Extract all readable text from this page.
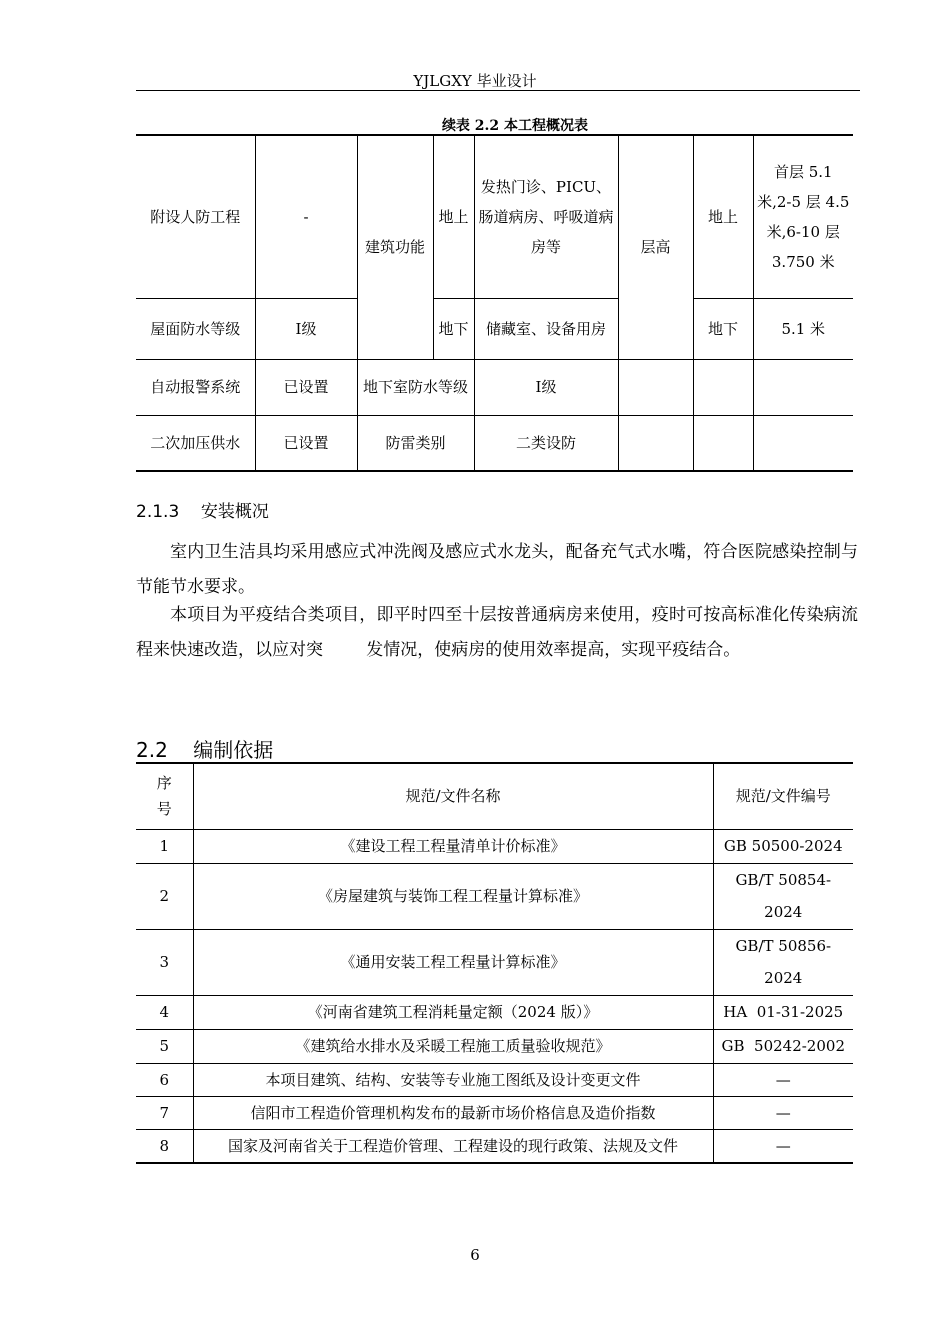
YJLGXY 毕业设计
续表 2.2 本工程概况表
附设人防工程	-	建筑功能	地上	发热门诊、PICU、肠道病房、呼吸道病房等	层高	地上	首层 5.1 米,2-5 层 4.5 米,6-10 层 3.750 米
屋面防水等级	Ⅰ级		地下	储藏室、设备用房		地下	5.1 米
自动报警系统	已设置	地下室防水等级		Ⅰ级			
二次加压供水	已设置	防雷类别		二类设防			
2.1.3    安装概况
室内卫生洁具均采用感应式冲洗阀及感应式水龙头，配备充气式水嘴，符合医院感染控制与节能节水要求。
本项目为平疫结合类项目，即平时四至十层按普通病房来使用，疫时可按高标准化传染病流程来快速改造，以应对突        发情况，使病房的使用效率提高，实现平疫结合。
2.2    编制依据
序号	规范/文件名称	规范/文件编号
1	《建设工程工程量清单计价标准》	GB 50500-2024
2	《房屋建筑与装饰工程工程量计算标准》	GB/T 50854-2024
3	《通用安装工程工程量计算标准》	GB/T 50856-2024
4	《河南省建筑工程消耗量定额（2024 版）》	HA  01-31-2025
5	《建筑给水排水及采暖工程施工质量验收规范》	GB  50242-2002
6	本项目建筑、结构、安装等专业施工图纸及设计变更文件	—
7	信阳市工程造价管理机构发布的最新市场价格信息及造价指数	—
8	国家及河南省关于工程造价管理、工程建设的现行政策、法规及文件	—
6
